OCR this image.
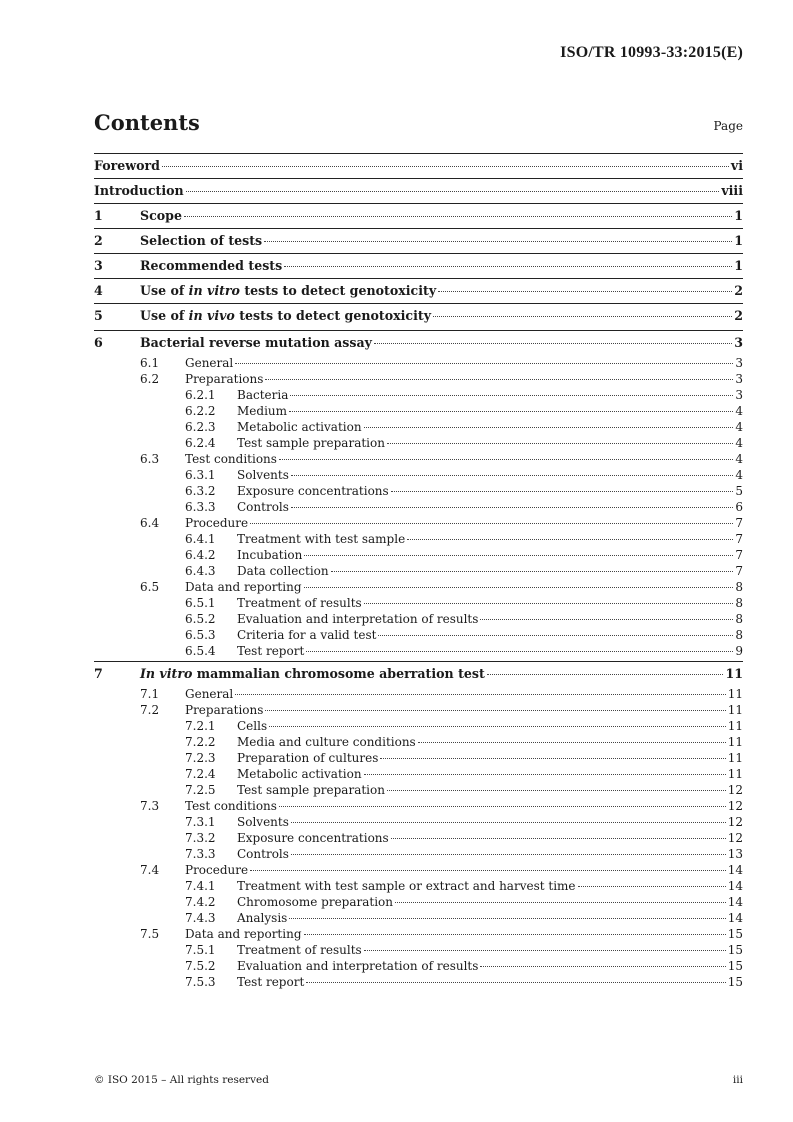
ISO/TR 10993-33:2015(E)
Contents	Page
Foreword	vi
Introduction	viii
1	Scope	1
2	Selection of tests	1
3	Recommended tests	1
4	Use of in vitro tests to detect genotoxicity	2
5	Use of in vivo tests to detect genotoxicity	2
6	Bacterial reverse mutation assay	3
6.1	General	3
6.2	Preparations	3
6.2.1	Bacteria	3
6.2.2	Medium	4
6.2.3	Metabolic activation	4
6.2.4	Test sample preparation	4
6.3	Test conditions	4
6.3.1	Solvents	4
6.3.2	Exposure concentrations	5
6.3.3	Controls	6
6.4	Procedure	7
6.4.1	Treatment with test sample	7
6.4.2	Incubation	7
6.4.3	Data collection	7
6.5	Data and reporting	8
6.5.1	Treatment of results	8
6.5.2	Evaluation and interpretation of results	8
6.5.3	Criteria for a valid test	8
6.5.4	Test report	9
7	In vitro mammalian chromosome aberration test	11
7.1	General	11
7.2	Preparations	11
7.2.1	Cells	11
7.2.2	Media and culture conditions	11
7.2.3	Preparation of cultures	11
7.2.4	Metabolic activation	11
7.2.5	Test sample preparation	12
7.3	Test conditions	12
7.3.1	Solvents	12
7.3.2	Exposure concentrations	12
7.3.3	Controls	13
7.4	Procedure	14
7.4.1	Treatment with test sample or extract and harvest time	14
7.4.2	Chromosome preparation	14
7.4.3	Analysis	14
7.5	Data and reporting	15
7.5.1	Treatment of results	15
7.5.2	Evaluation and interpretation of results	15
7.5.3	Test report	15
© ISO 2015 – All rights reserved	iii
